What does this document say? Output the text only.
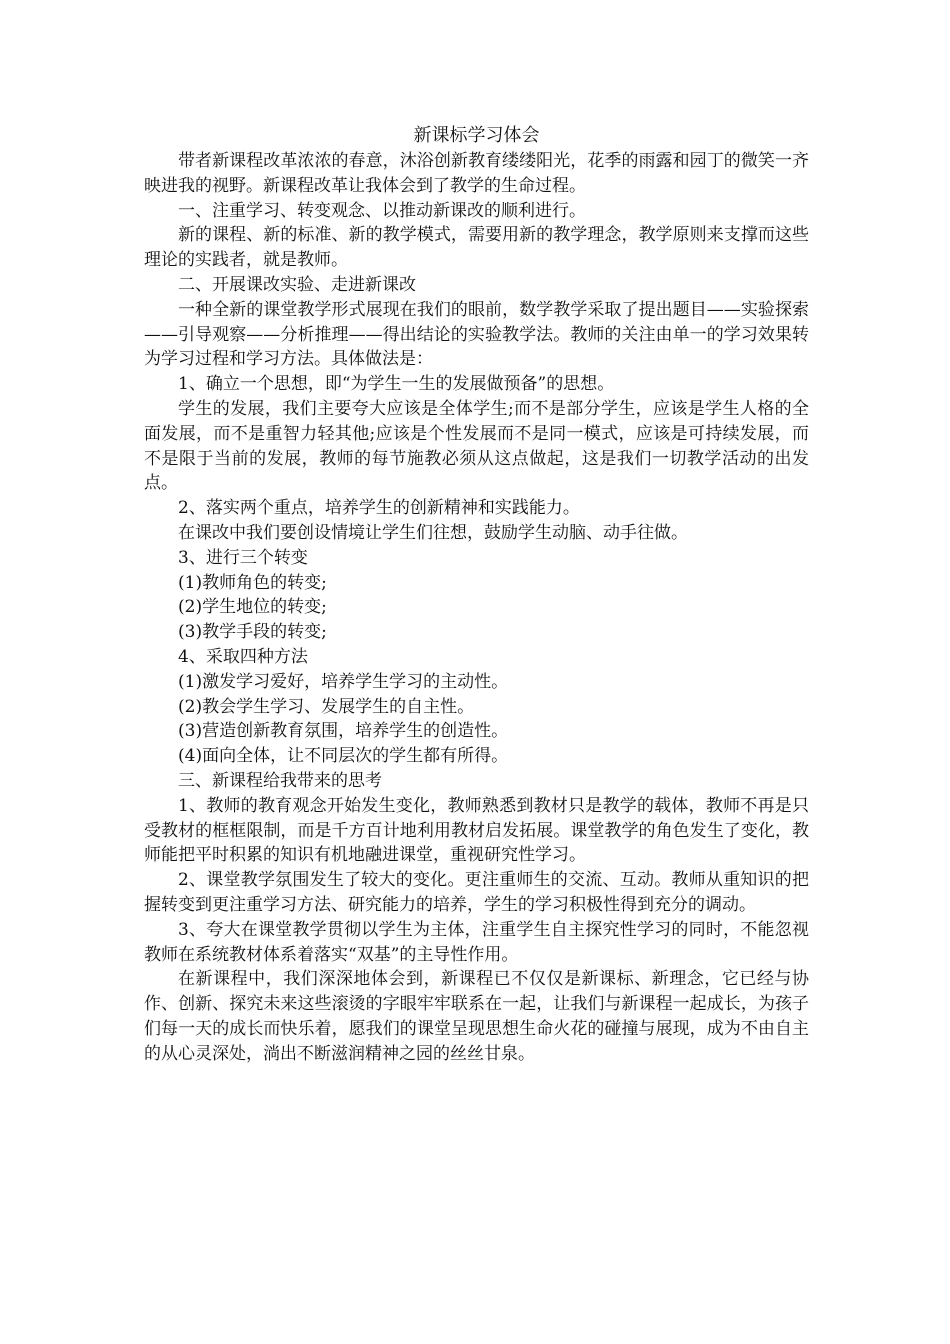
新课标学习体会

带者新课程改革浓浓的春意，沐浴创新教育缕缕阳光，花季的雨露和园丁的微笑一齐映进我的视野。新课程改革让我体会到了教学的生命过程。

一、注重学习、转变观念、以推动新课改的顺利进行。

新的课程、新的标准、新的教学模式，需要用新的教学理念，教学原则来支撑而这些理论的实践者，就是教师。

二、开展课改实验、走进新课改

一种全新的课堂教学形式展现在我们的眼前，数学教学采取了提出题目——实验探索——引导观察——分析推理——得出结论的实验教学法。教师的关注由单一的学习效果转为学习过程和学习方法。具体做法是：

1、确立一个思想，即“为学生一生的发展做预备”的思想。

学生的发展，我们主要夸大应该是全体学生;而不是部分学生，应该是学生人格的全面发展，而不是重智力轻其他;应该是个性发展而不是同一模式，应该是可持续发展，而不是限于当前的发展，教师的每节施教必须从这点做起，这是我们一切教学活动的出发点。

2、落实两个重点，培养学生的创新精神和实践能力。

在课改中我们要创设情境让学生们往想，鼓励学生动脑、动手往做。

3、进行三个转变

(1)教师角色的转变;

(2)学生地位的转变;

(3)教学手段的转变;

4、采取四种方法

(1)激发学习爱好，培养学生学习的主动性。

(2)教会学生学习、发展学生的自主性。

(3)营造创新教育氛围，培养学生的创造性。

(4)面向全体，让不同层次的学生都有所得。

三、新课程给我带来的思考

1、教师的教育观念开始发生变化，教师熟悉到教材只是教学的载体，教师不再是只受教材的框框限制，而是千方百计地利用教材启发拓展。课堂教学的角色发生了变化，教师能把平时积累的知识有机地融进课堂，重视研究性学习。

2、课堂教学氛围发生了较大的变化。更注重师生的交流、互动。教师从重知识的把握转变到更注重学习方法、研究能力的培养，学生的学习积极性得到充分的调动。

3、夸大在课堂教学贯彻以学生为主体，注重学生自主探究性学习的同时，不能忽视教师在系统教材体系着落实“双基”的主导性作用。

在新课程中，我们深深地体会到，新课程已不仅仅是新课标、新理念，它已经与协作、创新、探究未来这些滚烫的字眼牢牢联系在一起，让我们与新课程一起成长，为孩子们每一天的成长而快乐着，愿我们的课堂呈现思想生命火花的碰撞与展现，成为不由自主的从心灵深处，淌出不断滋润精神之园的丝丝甘泉。
